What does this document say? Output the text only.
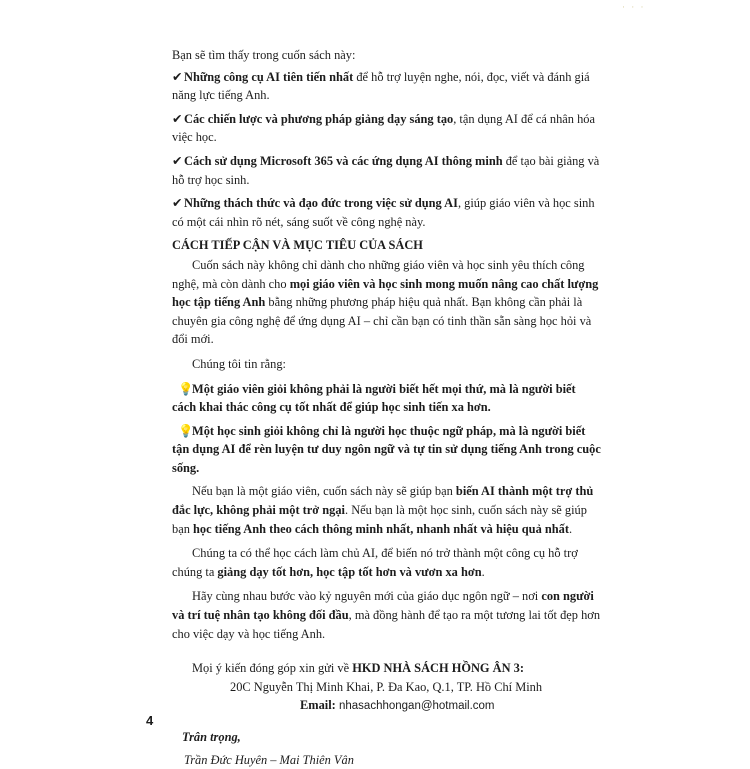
· · ·

Bạn sẽ tìm thấy trong cuốn sách này:

✔ Những công cụ AI tiên tiến nhất để hỗ trợ luyện nghe, nói, đọc, viết và đánh giá năng lực tiếng Anh.

✔ Các chiến lược và phương pháp giảng dạy sáng tạo, tận dụng AI để cá nhân hóa việc học.

✔ Cách sử dụng Microsoft 365 và các ứng dụng AI thông minh để tạo bài giảng và hỗ trợ học sinh.

✔ Những thách thức và đạo đức trong việc sử dụng AI, giúp giáo viên và học sinh có một cái nhìn rõ nét, sáng suốt về công nghệ này.

CÁCH TIẾP CẬN VÀ MỤC TIÊU CỦA SÁCH

Cuốn sách này không chỉ dành cho những giáo viên và học sinh yêu thích công nghệ, mà còn dành cho mọi giáo viên và học sinh mong muốn nâng cao chất lượng học tập tiếng Anh bằng những phương pháp hiệu quả nhất. Bạn không cần phải là chuyên gia công nghệ để ứng dụng AI – chỉ cần bạn có tinh thần sẵn sàng học hỏi và đổi mới.

Chúng tôi tin rằng:

💡Một giáo viên giỏi không phải là người biết hết mọi thứ, mà là người biết cách khai thác công cụ tốt nhất để giúp học sinh tiến xa hơn.

💡Một học sinh giỏi không chỉ là người học thuộc ngữ pháp, mà là người biết tận dụng AI để rèn luyện tư duy ngôn ngữ và tự tin sử dụng tiếng Anh trong cuộc sống.

Nếu bạn là một giáo viên, cuốn sách này sẽ giúp bạn biến AI thành một trợ thủ đắc lực, không phải một trở ngại. Nếu bạn là một học sinh, cuốn sách này sẽ giúp bạn học tiếng Anh theo cách thông minh nhất, nhanh nhất và hiệu quả nhất.

Chúng ta có thể học cách làm chủ AI, để biến nó trở thành một công cụ hỗ trợ chúng ta giảng dạy tốt hơn, học tập tốt hơn và vươn xa hơn.

Hãy cùng nhau bước vào kỷ nguyên mới của giáo dục ngôn ngữ – nơi con người và trí tuệ nhân tạo không đối đầu, mà đồng hành để tạo ra một tương lai tốt đẹp hơn cho việc dạy và học tiếng Anh.

Mọi ý kiến đóng góp xin gửi về HKD NHÀ SÁCH HỒNG ÂN 3:

20C Nguyễn Thị Minh Khai, P. Đa Kao, Q.1, TP. Hồ Chí Minh

Email: nhasachhongan@hotmail.com

Trân trọng,

Trần Đức Huyên – Mai Thiên Vân

4
